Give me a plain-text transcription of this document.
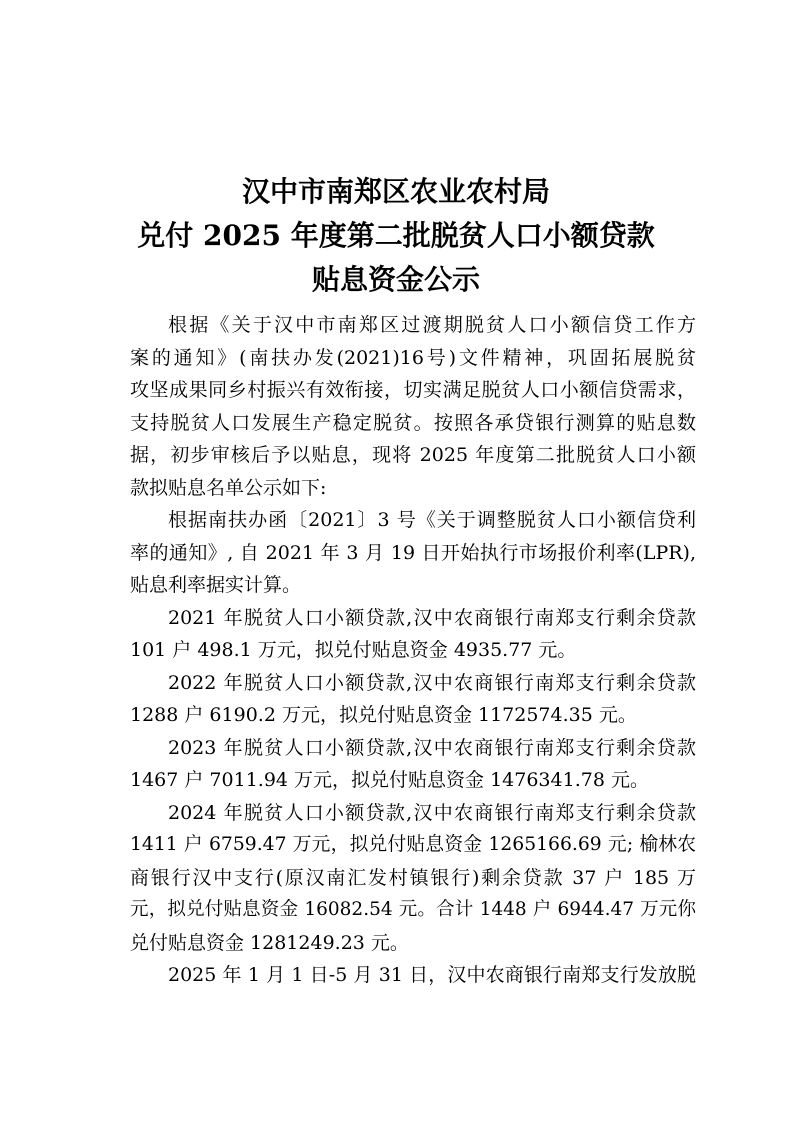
汉中市南郑区农业农村局
兑付 2025 年度第二批脱贫人口小额贷款
贴息资金公示
根据《关于汉中市南郑区过渡期脱贫人口小额信贷工作方
案的通知》(南扶办发(2021)16号)文件精神，巩固拓展脱贫
攻坚成果同乡村振兴有效衔接，切实满足脱贫人口小额信贷需求，
支持脱贫人口发展生产稳定脱贫。按照各承贷银行测算的贴息数
据，初步审核后予以贴息，现将 2025 年度第二批脱贫人口小额
款拟贴息名单公示如下:
根据南扶办函〔2021〕3 号《关于调整脱贫人口小额信贷利
率的通知》, 自 2021 年 3 月 19 日开始执行市场报价利率(LPR),
贴息利率据实计算。
2021 年脱贫人口小额贷款,汉中农商银行南郑支行剩余贷款
101 户 498.1 万元，拟兑付贴息资金 4935.77 元。
2022 年脱贫人口小额贷款,汉中农商银行南郑支行剩余贷款
1288 户 6190.2 万元，拟兑付贴息资金 1172574.35 元。
2023 年脱贫人口小额贷款,汉中农商银行南郑支行剩余贷款
1467 户 7011.94 万元，拟兑付贴息资金 1476341.78 元。
2024 年脱贫人口小额贷款,汉中农商银行南郑支行剩余贷款
1411 户 6759.47 万元，拟兑付贴息资金 1265166.69 元; 榆林农
商银行汉中支行(原汉南汇发村镇银行)剩余贷款 37 户 185 万
元，拟兑付贴息资金 16082.54 元。合计 1448 户 6944.47 万元你
兑付贴息资金 1281249.23 元。
2025 年 1 月 1 日-5 月 31 日，汉中农商银行南郑支行发放脱
